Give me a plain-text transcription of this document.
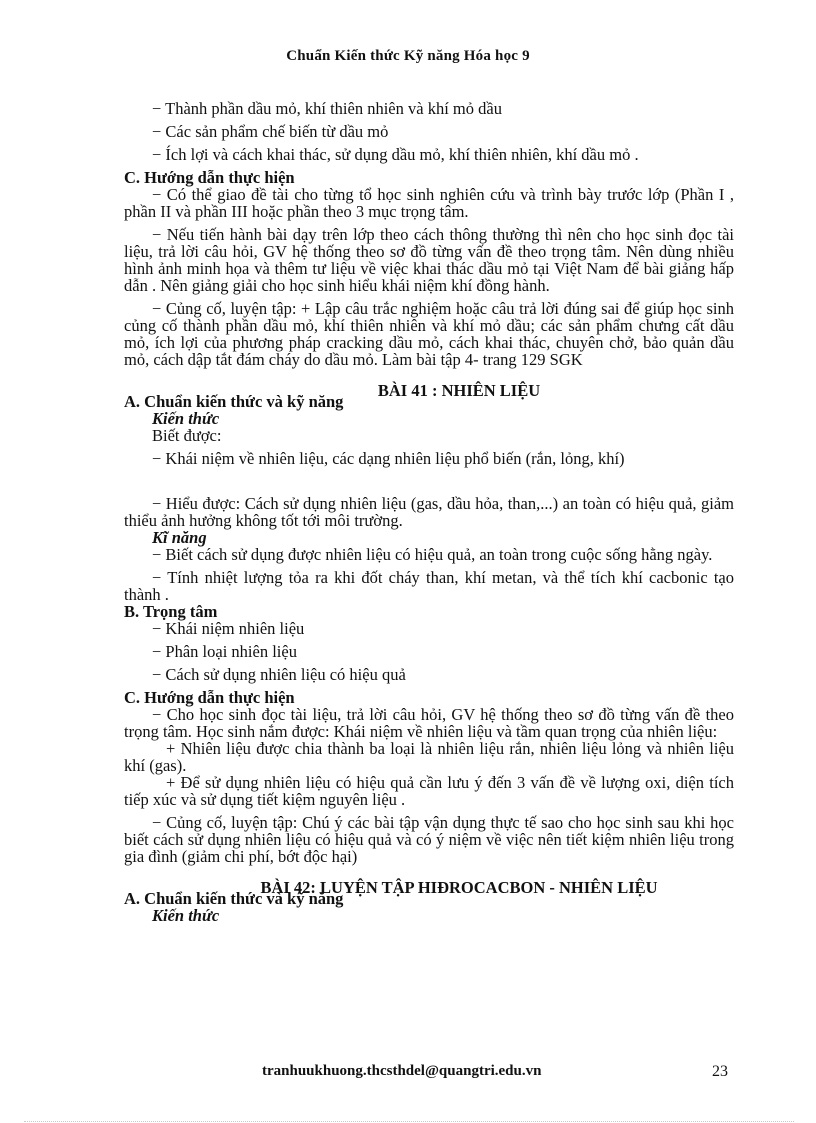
Chuẩn Kiến thức Kỹ năng Hóa học 9

− Thành phần dầu mỏ, khí thiên nhiên và khí mỏ dầu

− Các sản phẩm chế biến từ dầu mỏ

− Ích lợi và cách khai thác, sử dụng dầu mỏ, khí thiên nhiên, khí dầu mỏ .

C. Hướng dẫn thực hiện

− Có thể giao đề tài cho từng tổ học sinh nghiên cứu và trình bày trước lớp (Phần I , phần II và phần III hoặc phần theo 3 mục trọng tâm.

− Nếu tiến hành bài dạy trên lớp theo cách thông thường thì nên cho học sinh đọc tài liệu, trả lời câu hỏi, GV hệ thống theo sơ đồ từng vấn đề theo trọng tâm. Nên dùng nhiều hình ảnh minh họa và thêm tư liệu về việc khai thác dầu mỏ tại Việt Nam để bài giảng hấp dẫn . Nên giảng giải cho học sinh hiểu khái niệm khí đồng hành.

− Củng cố, luyện tập: + Lập câu trắc nghiệm hoặc câu trả lời đúng sai để giúp học sinh củng cố thành phần dầu mỏ, khí thiên nhiên và khí mỏ dầu; các sản phẩm chưng cất dầu mỏ, ích lợi của phương pháp cracking dầu mỏ, cách khai thác, chuyên chở, bảo quản dầu mỏ, cách dập tắt đám cháy do dầu mỏ. Làm bài tập 4- trang 129 SGK

BÀI 41 : NHIÊN LIỆU

A. Chuẩn kiến thức và kỹ năng

Kiến thức

Biết được:

− Khái niệm về nhiên liệu, các dạng nhiên liệu phổ biến (rắn, lỏng, khí)

− Hiểu được: Cách sử dụng nhiên liệu (gas, dầu hỏa, than,...) an toàn có hiệu quả, giảm thiểu ảnh hưởng không tốt tới môi trường.

Kĩ năng

− Biết cách sử dụng được nhiên liệu có hiệu quả, an toàn trong cuộc sống hằng ngày.

− Tính nhiệt lượng tỏa ra khi đốt cháy than, khí metan, và thể tích khí cacbonic tạo thành .

B. Trọng tâm

− Khái niệm nhiên liệu

− Phân loại nhiên liệu

− Cách sử dụng nhiên liệu có hiệu quả

C. Hướng dẫn thực hiện

− Cho học sinh đọc tài liệu, trả lời câu hỏi, GV hệ thống theo sơ đồ từng vấn đề theo trọng tâm. Học sinh nắm được: Khái niệm về nhiên liệu và tầm quan trọng của nhiên liệu:

+ Nhiên liệu được chia thành ba loại là nhiên liệu rắn, nhiên liệu lỏng và nhiên liệu khí (gas).

+ Để sử dụng nhiên liệu có hiệu quả cần lưu ý đến 3 vấn đề về lượng oxi, diện tích tiếp xúc và sử dụng tiết kiệm nguyên liệu .

− Củng cố, luyện tập: Chú ý các bài tập vận dụng thực tế sao cho học sinh sau khi học biết cách sử dụng nhiên liệu có hiệu quả và có ý niệm về việc nên tiết kiệm nhiên liệu trong gia đình (giảm chi phí, bớt độc hại)

BÀI 42: LUYỆN TẬP HIĐROCACBON - NHIÊN LIỆU

A. Chuẩn kiến thức và kỹ năng

Kiến thức

tranhuukhuong.thcsthdel@quangtri.edu.vn	23
